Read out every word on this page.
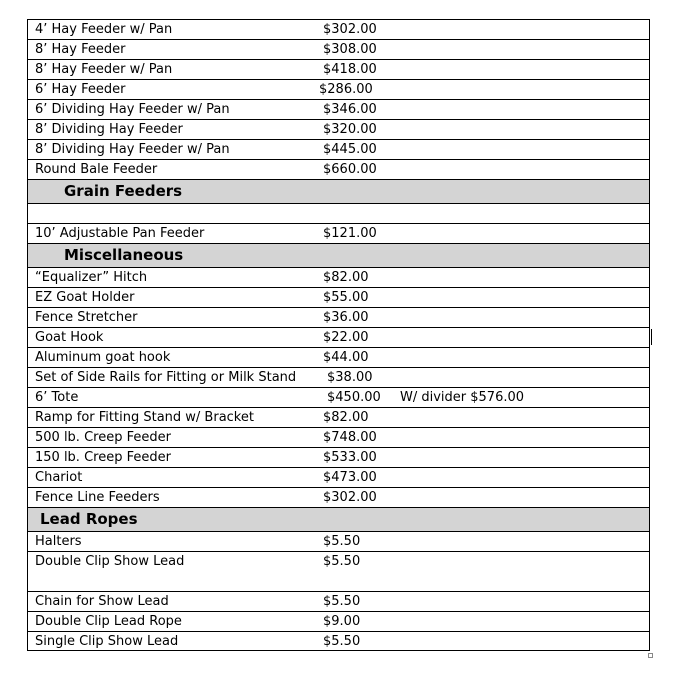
4’ Hay Feeder w/ Pan	$302.00
8’ Hay Feeder	$308.00
8’ Hay Feeder w/ Pan	$418.00
6’ Hay Feeder	$286.00
6’ Dividing Hay Feeder w/ Pan	$346.00
8’ Dividing Hay Feeder	$320.00
8’ Dividing Hay Feeder w/ Pan	$445.00
Round Bale Feeder	$660.00
Grain Feeders
10’ Adjustable Pan Feeder	$121.00
Miscellaneous
“Equalizer” Hitch	$82.00
EZ Goat Holder	$55.00
Fence Stretcher	$36.00
Goat Hook	$22.00
Aluminum goat hook	$44.00
Set of Side Rails for Fitting or Milk Stand $38.00
6’ Tote	$450.00 W/ divider $576.00
Ramp for Fitting Stand w/ Bracket	$82.00
500 lb. Creep Feeder	$748.00
150 lb. Creep Feeder	$533.00
Chariot	$473.00
Fence Line Feeders	$302.00
Lead Ropes
Halters	$5.50
Double Clip Show Lead	$5.50
Chain for Show Lead	$5.50
Double Clip Lead Rope	$9.00
Single Clip Show Lead	$5.50
